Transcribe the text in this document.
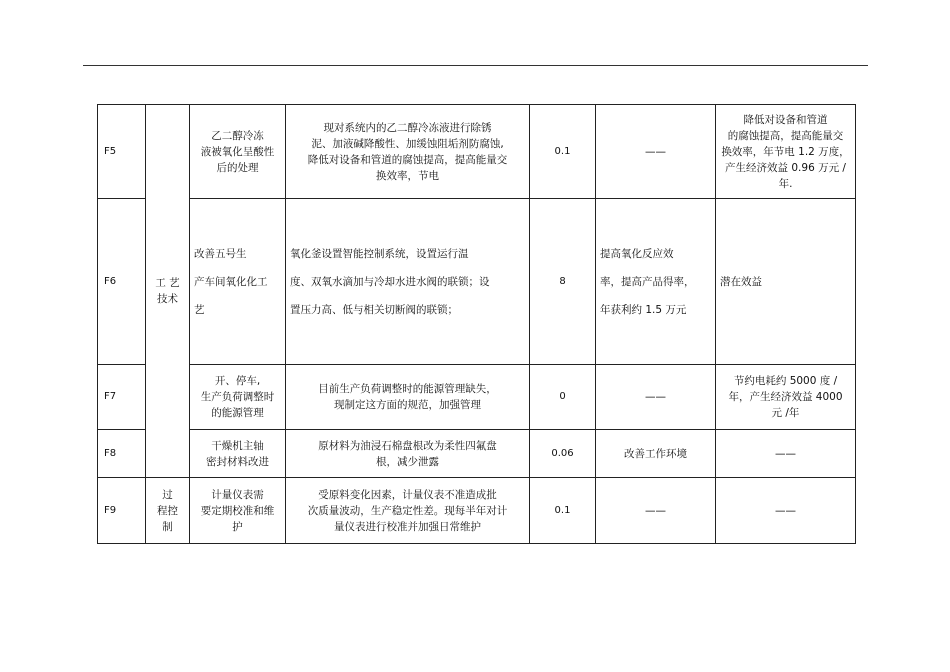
F5	工 艺
技术	乙二醇冷冻
液被氧化呈酸性
后的处理	现对系统内的乙二醇冷冻液进行除锈
泥、加液碱降酸性、加缓蚀阻垢剂防腐蚀,
降低对设备和管道的腐蚀提高，提高能量交
换效率，节电	0.1	——	降低对设备和管道
的腐蚀提高，提高能量交
换效率，年节电 1.2 万度，
产生经济效益 0.96 万元 /
年.
F6		改善五号生
产车间氧化化工
艺	氧化釜设置智能控制系统，设置运行温
度、双氧水滴加与冷却水进水阀的联锁；设
置压力高、低与相关切断阀的联锁；	8	提高氧化反应效
率，提高产品得率，
年获利约 1.5 万元	潜在效益
F7		开、停车,
生产负荷调整时
的能源管理	目前生产负荷调整时的能源管理缺失，
现制定这方面的规范，加强管理	0	——	节约电耗约 5000 度 /
年，产生经济效益 4000
元 /年
F8		干燥机主轴
密封材料改进	原材料为油浸石棉盘根改为柔性四氟盘
根，减少泄露	0.06	改善工作环境	——
F9	过
程控
制	计量仪表需
要定期校准和维
护	受原料变化因素，计量仪表不准造成批
次质量波动，生产稳定性差。现每半年对计
量仪表进行校准并加强日常维护	0.1	——	——
